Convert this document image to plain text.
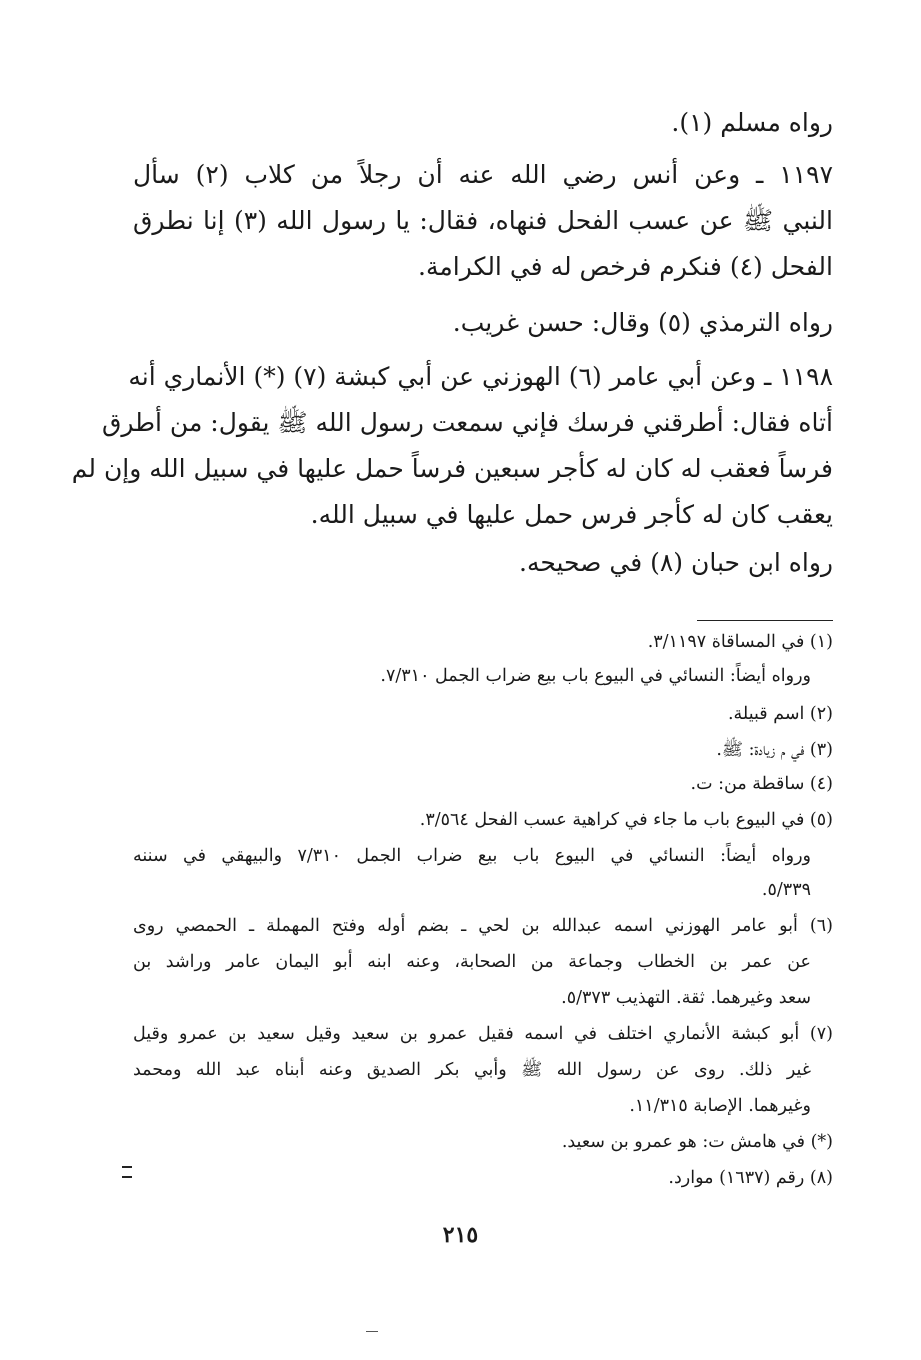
رواه مسلم (١).
١١٩٧ ـ وعن أنس رضي الله عنه أن رجلاً من كلاب (٢) سأل
النبي ﷺ عن عسب الفحل فنهاه، فقال: يا رسول الله (٣) إنا نطرق
الفحل (٤) فنكرم فرخص له في الكرامة.
رواه الترمذي (٥) وقال: حسن غريب.
١١٩٨ ـ وعن أبي عامر (٦) الهوزني عن أبي كبشة (٧) (*) الأنماري أنه
أتاه فقال: أطرقني فرسك فإني سمعت رسول الله ﷺ يقول: من أطرق
فرساً فعقب له كان له كأجر سبعين فرساً حمل عليها في سبيل الله وإن لم
يعقب كان له كأجر فرس حمل عليها في سبيل الله.
رواه ابن حبان (٨) في صحيحه.
(١) في المساقاة ٣/١١٩٧.
ورواه أيضاً: النسائي في البيوع باب بيع ضراب الجمل ٧/٣١٠.
(٢) اسم قبيلة.
(٣) في م زيادة: ﷺ.
(٤) ساقطة من: ت.
(٥) في البيوع باب ما جاء في كراهية عسب الفحل ٣/٥٦٤.
ورواه أيضاً: النسائي في البيوع باب بيع ضراب الجمل ٧/٣١٠ والبيهقي في سننه
٥/٣٣٩.
(٦) أبو عامر الهوزني اسمه عبدالله بن لحي ـ بضم أوله وفتح المهملة ـ الحمصي روى
عن عمر بن الخطاب وجماعة من الصحابة، وعنه ابنه أبو اليمان عامر وراشد بن
سعد وغيرهما. ثقة. التهذيب ٥/٣٧٣.
(٧) أبو كبشة الأنماري اختلف في اسمه فقيل عمرو بن سعيد وقيل سعيد بن عمرو وقيل
غير ذلك. روى عن رسول الله ﷺ وأبي بكر الصديق وعنه أبناه عبد الله ومحمد
وغيرهما. الإصابة ١١/٣١٥.
(*) في هامش ت: هو عمرو بن سعيد.
(٨) رقم (١٦٣٧) موارد.
٢١٥
